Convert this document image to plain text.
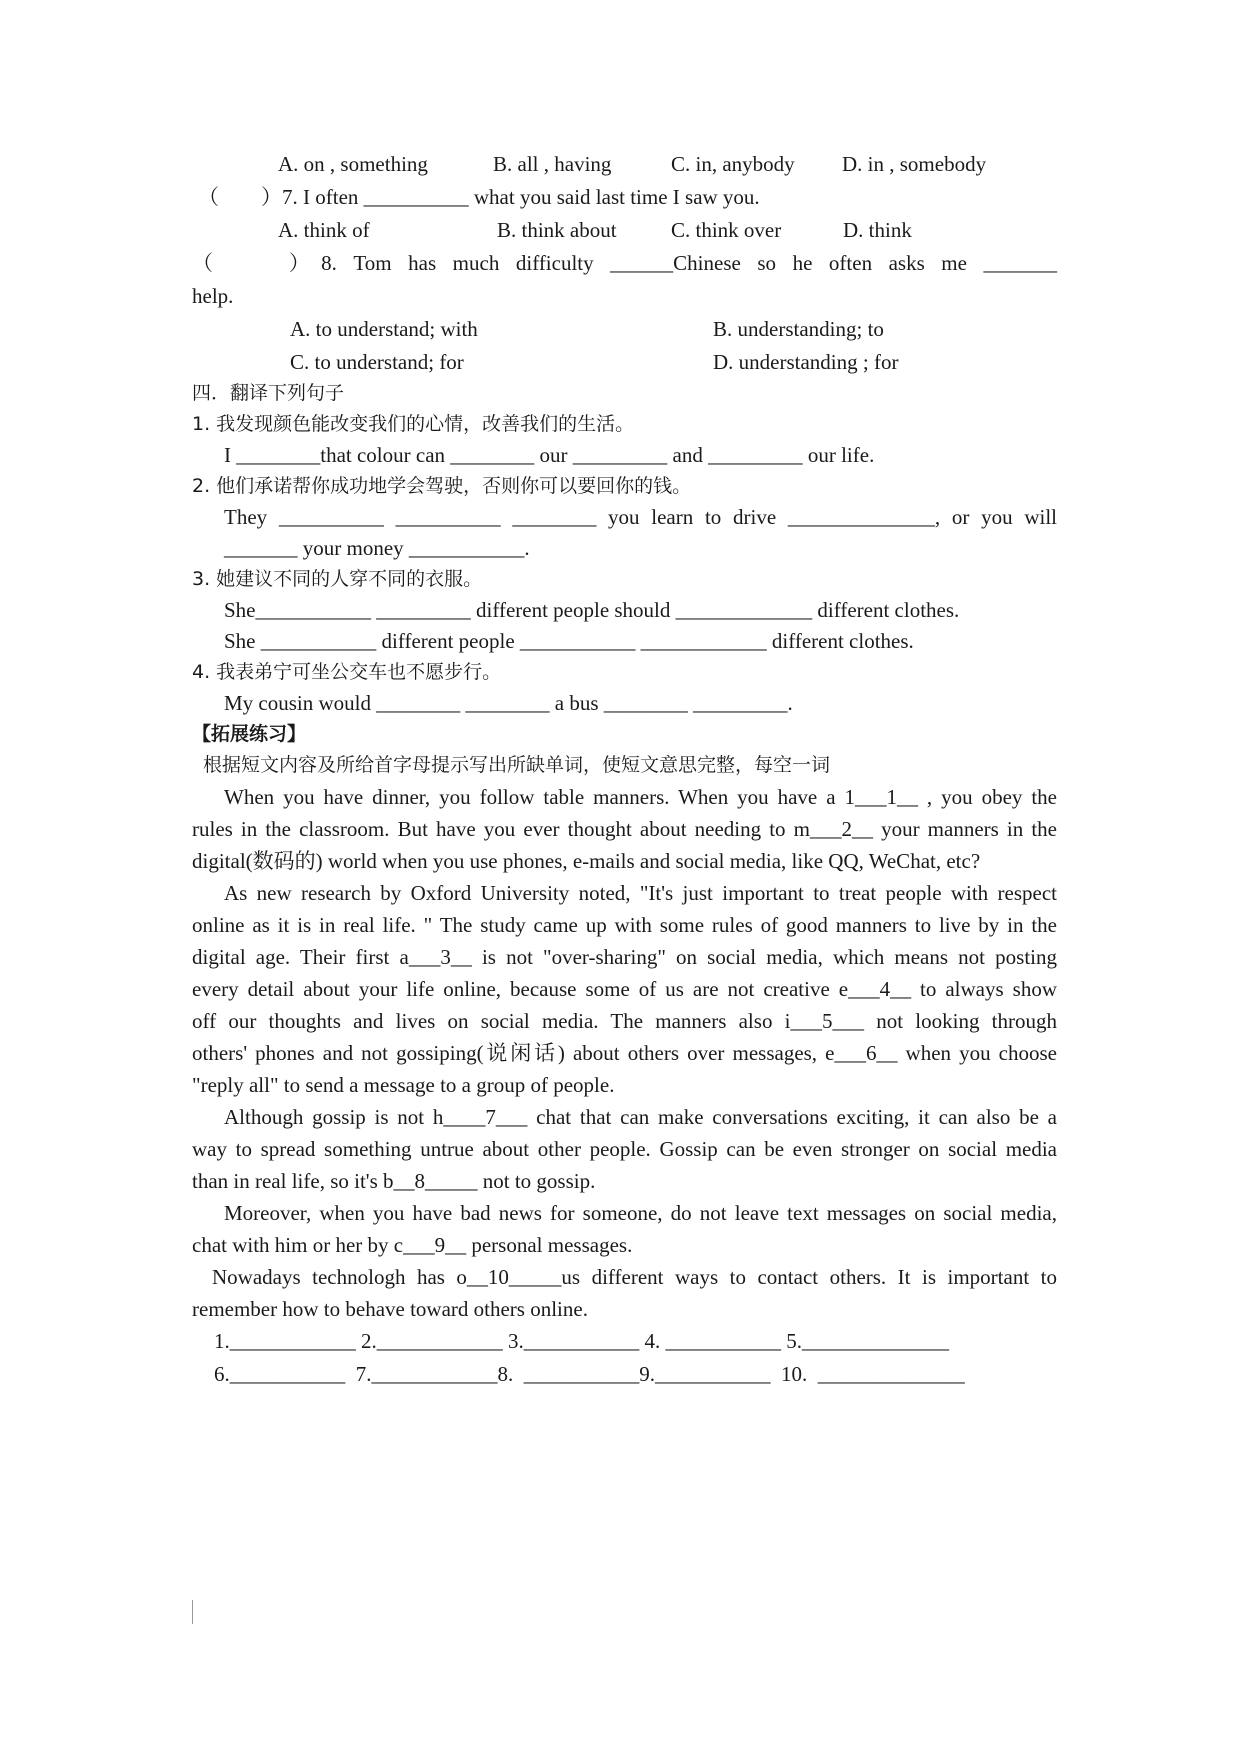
A. on , something	B. all , having	C. in, anybody D. in , somebody
（　　）7. I often __________ what you said last time I saw you.
A. think of	B. think about	C. think over	D. think
（　　）8. Tom has much difficulty ______Chinese so he often asks me _______
help.
A. to understand; with	B. understanding; to
C. to understand; for	D. understanding ; for
四．翻译下列句子
1. 我发现颜色能改变我们的心情，改善我们的生活。
I ________that colour can ________ our _________ and _________ our life.
2. 他们承诺帮你成功地学会驾驶，否则你可以要回你的钱。
They __________ __________ ________ you learn to drive ______________, or you will
_______ your money ___________.
3. 她建议不同的人穿不同的衣服。
She___________ _________ different people should _____________ different clothes.
She ___________ different people ___________ ____________ different clothes.
4. 我表弟宁可坐公交车也不愿步行。
My cousin would ________ ________ a bus ________ _________.
【拓展练习】
根据短文内容及所给首字母提示写出所缺单词，使短文意思完整，每空一词
When you have dinner, you follow table manners. When you have a 1___1__ , you obey the
rules in the classroom. But have you ever thought about needing to m___2__ your manners in the
digital(数码的) world when you use phones, e-mails and social media, like QQ, WeChat, etc?
As new research by Oxford University noted, "It's just important to treat people with respect
online as it is in real life. " The study came up with some rules of good manners to live by in the
digital age. Their first a___3__ is not "over-sharing" on social media, which means not posting
every detail about your life online, because some of us are not creative e___4__ to always show
off our thoughts and lives on social media. The manners also i___5___ not looking through
others' phones and not gossiping(说闲话) about others over messages, e___6__ when you choose
"reply all" to send a message to a group of people.
Although gossip is not h____7___ chat that can make conversations exciting, it can also be a
way to spread something untrue about other people. Gossip can be even stronger on social media
than in real life, so it's b__8_____ not to gossip.
Moreover, when you have bad news for someone, do not leave text messages on social media,
chat with him or her by c___9__ personal messages.
Nowadays technologh has o__10_____us different ways to contact others. It is important to
remember how to behave toward others online.
1.____________ 2.____________ 3.___________ 4. ___________ 5.______________
6.___________  7.____________8.  ___________9.___________  10.  ______________
